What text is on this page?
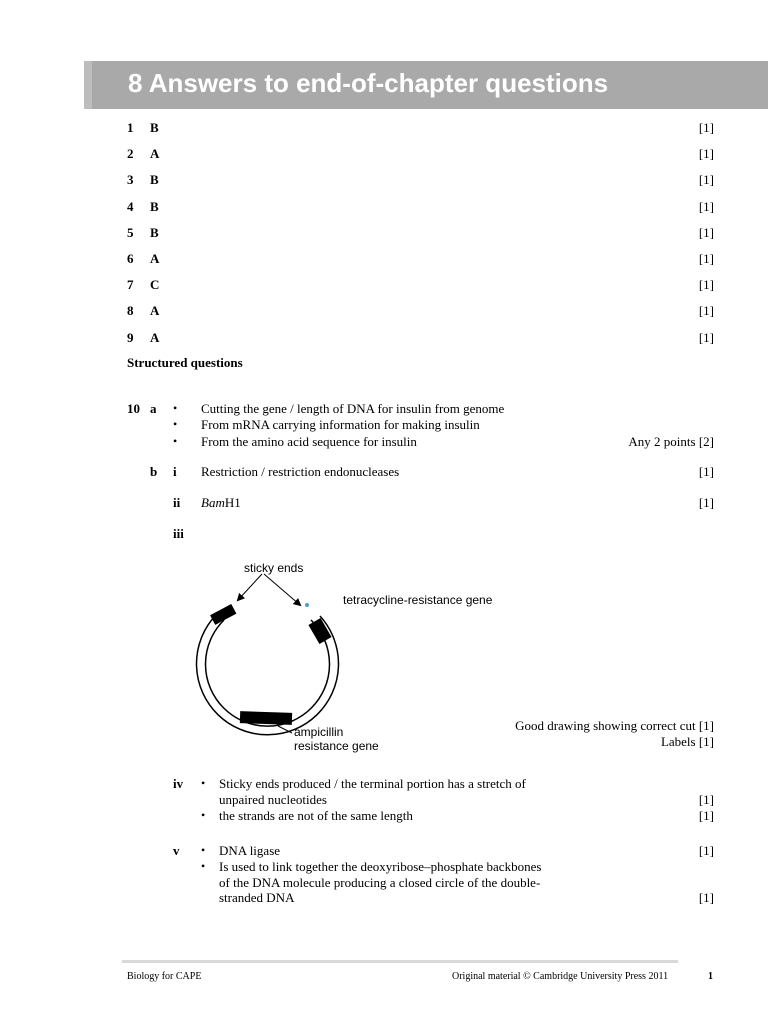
8 Answers to end-of-chapter questions
1 B	[1]
2 A	[1]
3 B	[1]
4 B	[1]
5 B	[1]
6 A	[1]
7 C	[1]
8 A	[1]
9 A	[1]
Structured questions
10 a • Cutting the gene / length of DNA for insulin from genome
• From mRNA carrying information for making insulin
• From the amino acid sequence for insulin	Any 2 points [2]
b i Restriction / restriction endonucleases	[1]
ii BamH1	[1]
iii
sticky ends
tetracycline-resistance gene
ampicillin
resistance gene
Good drawing showing correct cut [1]
Labels [1]
iv • Sticky ends produced / the terminal portion has a stretch of
unpaired nucleotides	[1]
• the strands are not of the same length	[1]
v • DNA ligase	[1]
• Is used to link together the deoxyribose–phosphate backbones
of the DNA molecule producing a closed circle of the double-
stranded DNA	[1]
Biology for CAPE	Original material © Cambridge University Press 2011	1
